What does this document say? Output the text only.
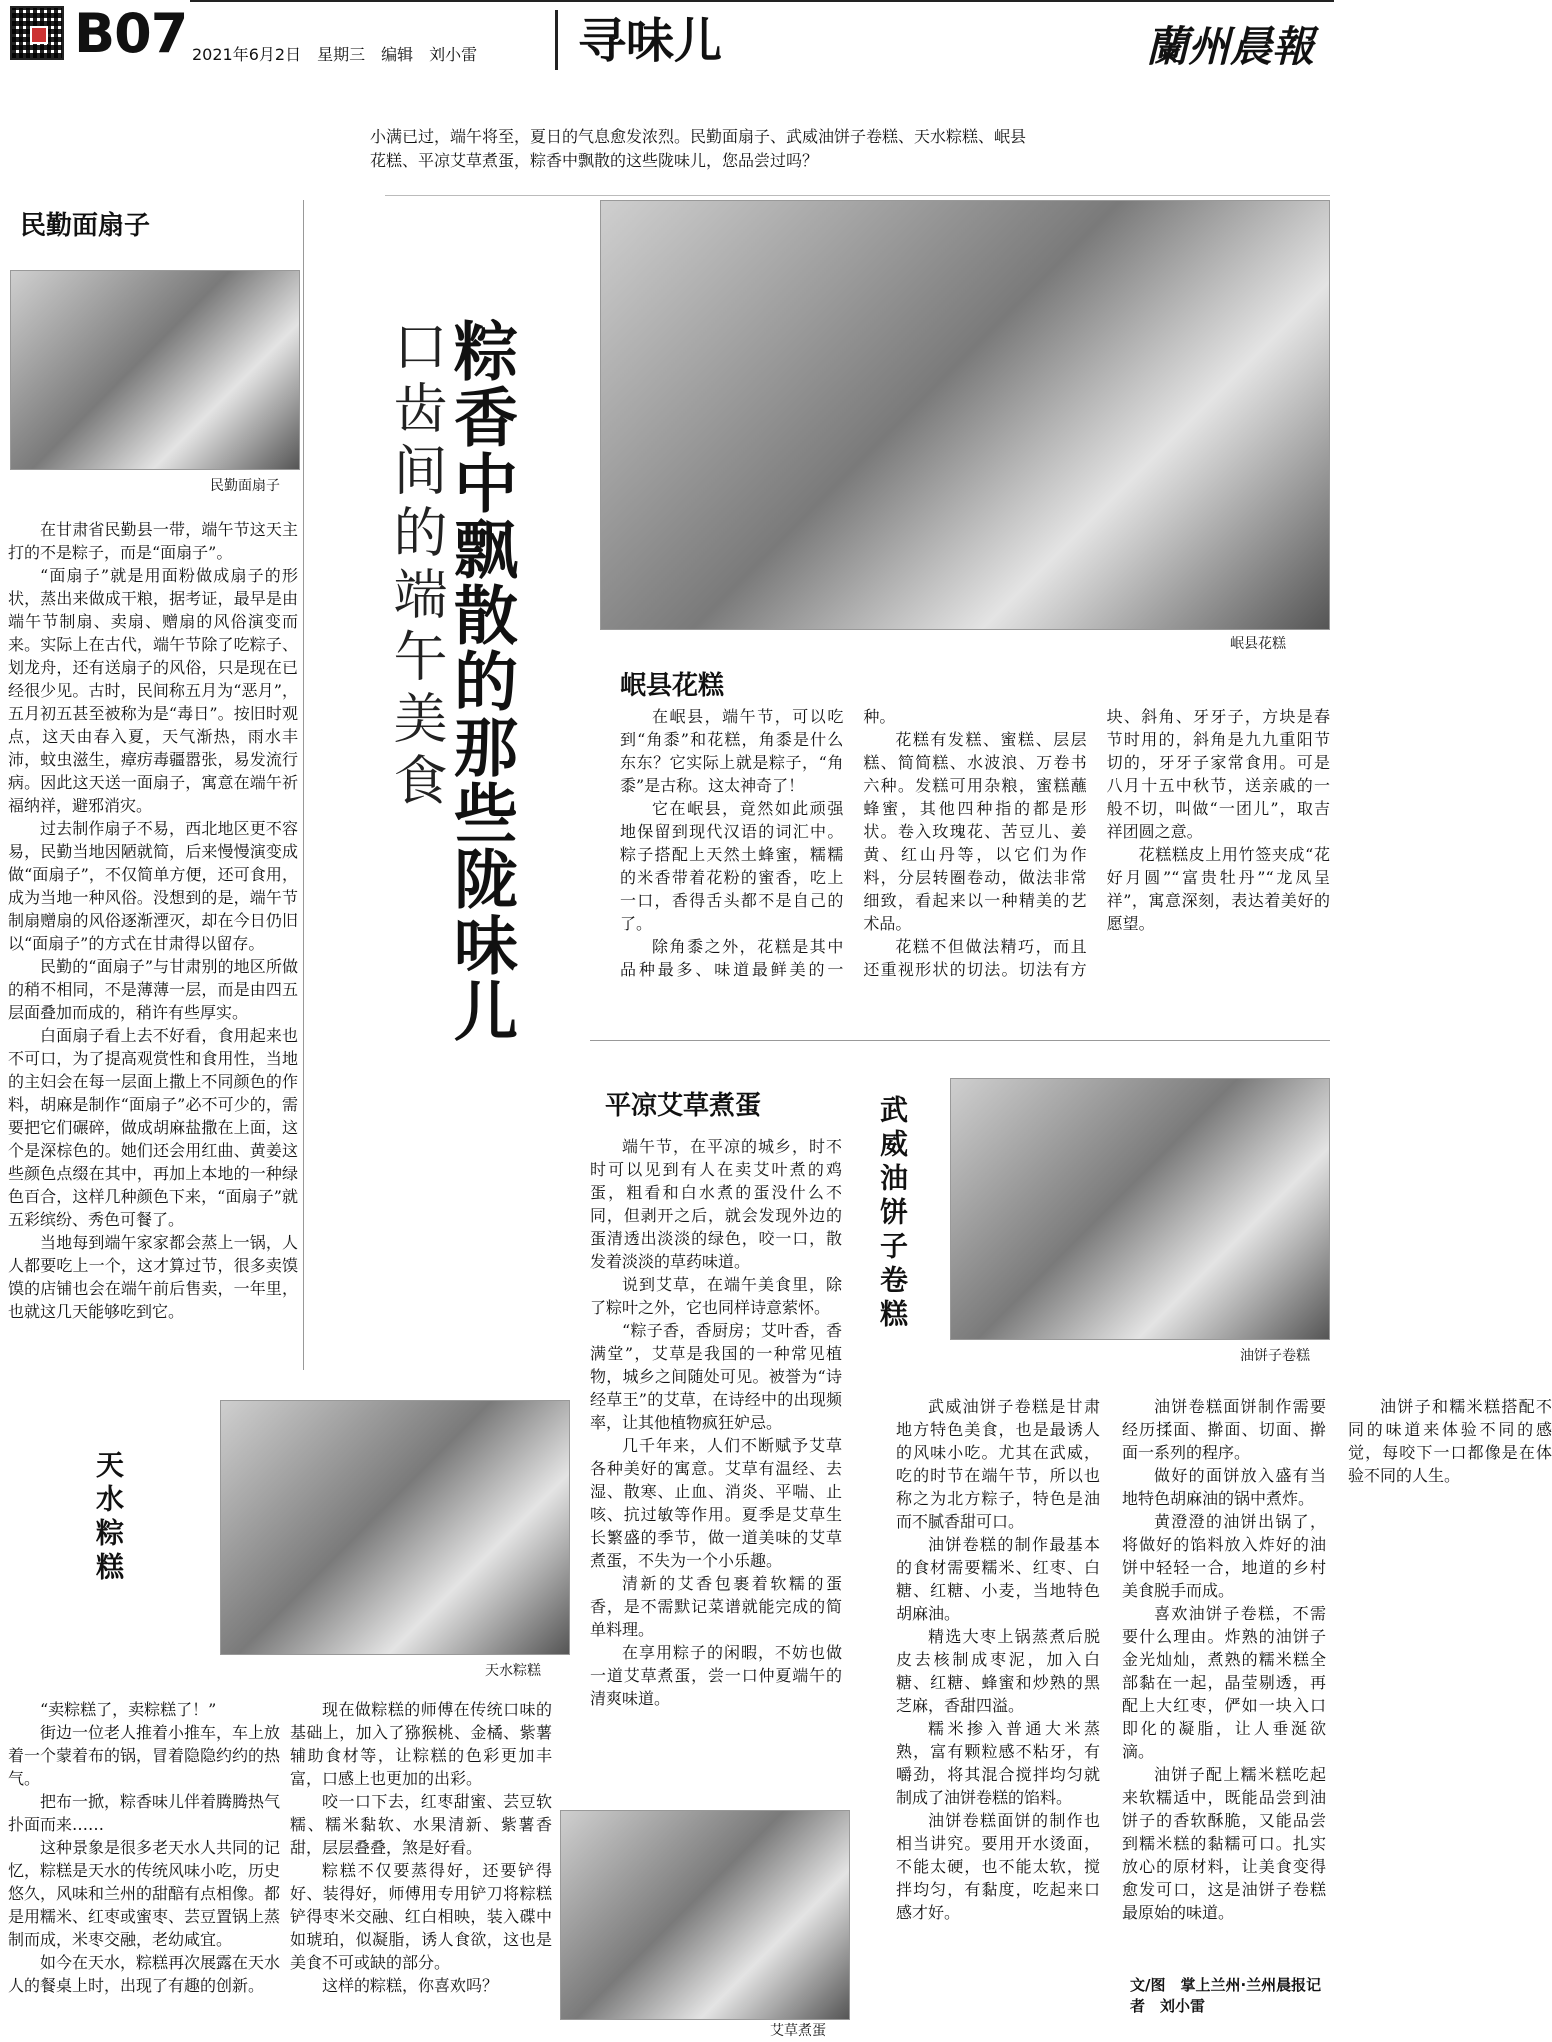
B07 2021年6月2日　星期三　编辑　刘小雷 寻味儿	蘭州晨報
小满已过，端午将至，夏日的气息愈发浓烈。民勤面扇子、武威油饼子卷糕、天水粽糕、岷县花糕、平凉艾草煮蛋，粽香中飘散的这些陇味儿，您品尝过吗？
民勤面扇子
民勤面扇子

在甘肃省民勤县一带，端午节这天主打的不是粽子，而是“面扇子”。

“面扇子”就是用面粉做成扇子的形状，蒸出来做成干粮，据考证，最早是由端午节制扇、卖扇、赠扇的风俗演变而来。实际上在古代，端午节除了吃粽子、划龙舟，还有送扇子的风俗，只是现在已经很少见。古时，民间称五月为“恶月”，五月初五甚至被称为是“毒日”。按旧时观点，这天由春入夏，天气渐热，雨水丰沛，蚊虫滋生，瘴疠毒疆嚣张，易发流行病。因此这天送一面扇子，寓意在端午祈福纳祥，避邪消灾。

过去制作扇子不易，西北地区更不容易，民勤当地因陋就简，后来慢慢演变成做“面扇子”，不仅简单方便，还可食用，成为当地一种风俗。没想到的是，端午节制扇赠扇的风俗逐渐湮灭，却在今日仍旧以“面扇子”的方式在甘肃得以留存。

民勤的“面扇子”与甘肃别的地区所做的稍不相同，不是薄薄一层，而是由四五层面叠加而成的，稍许有些厚实。

白面扇子看上去不好看，食用起来也不可口，为了提高观赏性和食用性，当地的主妇会在每一层面上撒上不同颜色的作料，胡麻是制作“面扇子”必不可少的，需要把它们碾碎，做成胡麻盐撒在上面，这个是深棕色的。她们还会用红曲、黄姜这些颜色点缀在其中，再加上本地的一种绿色百合，这样几种颜色下来，“面扇子”就五彩缤纷、秀色可餐了。

当地每到端午家家都会蒸上一锅，人人都要吃上一个，这才算过节，很多卖馍馍的店铺也会在端午前后售卖，一年里，也就这几天能够吃到它。

粽香中飘散的那些陇味儿
口齿间的端午美食	岷县花糕
岷县花糕

在岷县，端午节，可以吃到“角黍”和花糕，角黍是什么东东？它实际上就是粽子，“角黍”是古称。这太神奇了！

它在岷县，竟然如此顽强地保留到现代汉语的词汇中。粽子搭配上天然土蜂蜜，糯糯的米香带着花粉的蜜香，吃上一口，香得舌头都不是自己的了。

除角黍之外，花糕是其中品种最多、味道最鲜美的一种。

花糕有发糕、蜜糕、层层糕、简简糕、水波浪、万卷书六种。发糕可用杂粮，蜜糕蘸蜂蜜，其他四种指的都是形状。卷入玫瑰花、苦豆儿、姜黄、红山丹等，以它们为作料，分层转圈卷动，做法非常细致，看起来以一种精美的艺术品。

花糕不但做法精巧，而且还重视形状的切法。切法有方块、斜角、牙牙子，方块是春节时用的，斜角是九九重阳节切的，牙牙子家常食用。可是八月十五中秋节，送亲戚的一般不切，叫做“一团儿”，取吉祥团圆之意。

花糕糕皮上用竹签夹成“花好月圆”“富贵牡丹”“龙凤呈祥”，寓意深刻，表达着美好的愿望。

平凉艾草煮蛋

端午节，在平凉的城乡，时不时可以见到有人在卖艾叶煮的鸡蛋，粗看和白水煮的蛋没什么不同，但剥开之后，就会发现外边的蛋清透出淡淡的绿色，咬一口，散发着淡淡的草药味道。

说到艾草，在端午美食里，除了粽叶之外，它也同样诗意萦怀。

“粽子香，香厨房；艾叶香，香满堂”，艾草是我国的一种常见植物，城乡之间随处可见。被誉为“诗经草王”的艾草，在诗经中的出现频率，让其他植物疯狂妒忌。

几千年来，人们不断赋予艾草各种美好的寓意。艾草有温经、去湿、散寒、止血、消炎、平喘、止咳、抗过敏等作用。夏季是艾草生长繁盛的季节，做一道美味的艾草煮蛋，不失为一个小乐趣。

清新的艾香包裹着软糯的蛋香，是不需默记菜谱就能完成的简单料理。

在享用粽子的闲暇，不妨也做一道艾草煮蛋，尝一口仲夏端午的清爽味道。

艾草煮蛋
武威油饼子卷糕
油饼子卷糕

武威油饼子卷糕是甘肃地方特色美食，也是最诱人的风味小吃。尤其在武威，吃的时节在端午节，所以也称之为北方粽子，特色是油而不腻香甜可口。

油饼卷糕的制作最基本的食材需要糯米、红枣、白糖、红糖、小麦，当地特色胡麻油。

精选大枣上锅蒸煮后脱皮去核制成枣泥，加入白糖、红糖、蜂蜜和炒熟的黑芝麻，香甜四溢。

糯米掺入普通大米蒸熟，富有颗粒感不粘牙，有嚼劲，将其混合搅拌均匀就制成了油饼卷糕的馅料。

油饼卷糕面饼的制作也相当讲究。要用开水烫面，不能太硬，也不能太软，搅拌均匀，有黏度，吃起来口感才好。

油饼卷糕面饼制作需要经历揉面、擀面、切面、擀面一系列的程序。

做好的面饼放入盛有当地特色胡麻油的锅中煮炸。

黄澄澄的油饼出锅了，将做好的馅料放入炸好的油饼中轻轻一合，地道的乡村美食脱手而成。

喜欢油饼子卷糕，不需要什么理由。炸熟的油饼子金光灿灿，煮熟的糯米糕全部黏在一起，晶莹剔透，再配上大红枣，俨如一块入口即化的凝脂，让人垂涎欲滴。

油饼子配上糯米糕吃起来软糯适中，既能品尝到油饼子的香软酥脆，又能品尝到糯米糕的黏糯可口。扎实放心的原材料，让美食变得愈发可口，这是油饼子卷糕最原始的味道。

油饼子和糯米糕搭配不同的味道来体验不同的感觉，每咬下一口都像是在体验不同的人生。

文/图　掌上兰州·兰州晨报记者　刘小雷
天水粽糕
天水粽糕

“卖粽糕了，卖粽糕了！”

街边一位老人推着小推车，车上放着一个蒙着布的锅，冒着隐隐约约的热气。

把布一掀，粽香味儿伴着腾腾热气扑面而来……

这种景象是很多老天水人共同的记忆，粽糕是天水的传统风味小吃，历史悠久，风味和兰州的甜醅有点相像。都是用糯米、红枣或蜜枣、芸豆置锅上蒸制而成，米枣交融，老幼咸宜。

如今在天水，粽糕再次展露在天水人的餐桌上时，出现了有趣的创新。

现在做粽糕的师傅在传统口味的基础上，加入了猕猴桃、金橘、紫薯辅助食材等，让粽糕的色彩更加丰富，口感上也更加的出彩。

咬一口下去，红枣甜蜜、芸豆软糯、糯米黏软、水果清新、紫薯香甜，层层叠叠，煞是好看。

粽糕不仅要蒸得好，还要铲得好、装得好，师傅用专用铲刀将粽糕铲得枣米交融、红白相映，装入碟中如琥珀，似凝脂，诱人食欲，这也是美食不可或缺的部分。

这样的粽糕，你喜欢吗？
